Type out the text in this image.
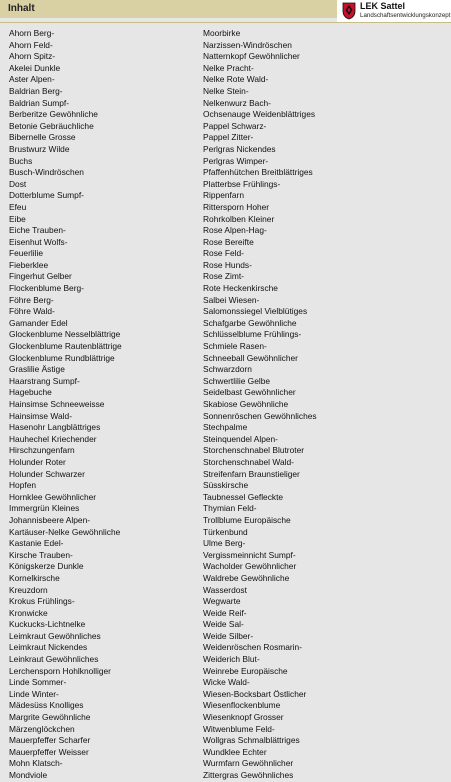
Inhalt	LEK Sattel
Landschaftsentwicklungskonzept
Ahorn Berg-
Ahorn Feld-
Ahorn Spitz-
Akelei Dunkle
Aster Alpen-
Baldrian Berg-
Baldrian Sumpf-
Berberitze Gewöhnliche
Betonie Gebräuchliche
Bibernelle Grosse
Brustwurz Wilde
Buchs
Busch-Windröschen
Dost
Dotterblume Sumpf-
Efeu
Eibe
Eiche Trauben-
Eisenhut Wolfs-
Feuerlilie
Fieberklee
Fingerhut Gelber
Flockenblume Berg-
Föhre Berg-
Föhre Wald-
Gamander Edel
Glockenblume Nesselblättrige
Glockenblume Rautenblättrige
Glockenblume Rundblättrige
Graslilie Ästige
Haarstrang Sumpf-
Hagebuche
Hainsimse Schneeweisse
Hainsimse Wald-
Hasenohr Langblättriges
Hauhechel Kriechender
Hirschzungenfarn
Holunder Roter
Holunder Schwarzer
Hopfen
Hornklee Gewöhnlicher
Immergrün Kleines
Johannisbeere Alpen-
Kartäuser-Nelke Gewöhnliche
Kastanie Edel-
Kirsche Trauben-
Königskerze Dunkle
Kornelkirsche
Kreuzdorn
Krokus Frühlings-
Kronwicke
Kuckucks-Lichtnelke
Leimkraut Gewöhnliches
Leimkraut Nickendes
Leinkraut Gewöhnliches
Lerchensporn Hohlknolliger
Linde Sommer-
Linde Winter-
Mädesüss Knolliges
Margrite Gewöhnliche
Märzenglöckchen
Mauerpfeffer Scharfer
Mauerpfeffer Weisser
Mohn Klatsch-
Mondviole
Moorbirke
Narzissen-Windröschen
Natternkopf Gewöhnlicher
Nelke Pracht-
Nelke Rote Wald-
Nelke Stein-
Nelkenwurz Bach-
Ochsenauge Weidenblättriges
Pappel Schwarz-
Pappel Zitter-
Perlgras Nickendes
Perlgras Wimper-
Pfaffenhütchen Breitblättriges
Platterbse Frühlings-
Rippenfarn
Rittersporn Hoher
Rohrkolben Kleiner
Rose Alpen-Hag-
Rose Bereifte
Rose Feld-
Rose Hunds-
Rose Zimt-
Rote Heckenkirsche
Salbei Wiesen-
Salomonssiegel Vielblütiges
Schafgarbe Gewöhnliche
Schlüsselblume Frühlings-
Schmiele Rasen-
Schneeball Gewöhnlicher
Schwarzdorn
Schwertlilie Gelbe
Seidelbast Gewöhnlicher
Skabiose Gewöhnliche
Sonnenröschen Gewöhnliches
Stechpalme
Steinquendel Alpen-
Storchenschnabel Blutroter
Storchenschnabel Wald-
Streifenfarn Braunstieliger
Süsskirsche
Taubnessel Gefleckte
Thymian Feld-
Trollblume Europäische
Türkenbund
Ulme Berg-
Vergissmeinnicht Sumpf-
Wacholder Gewöhnlicher
Waldrebe Gewöhnliche
Wasserdost
Wegwarte
Weide Reif-
Weide Sal-
Weide Silber-
Weidenröschen Rosmarin-
Weiderich Blut-
Weinrebe Europäische
Wicke Wald-
Wiesen-Bocksbart Östlicher
Wiesenflockenblume
Wiesenknopf Grosser
Witwenblume Feld-
Wollgras Schmalblättriges
Wundklee Echter
Wurmfarn Gewöhnlicher
Zittergras Gewöhnliches
